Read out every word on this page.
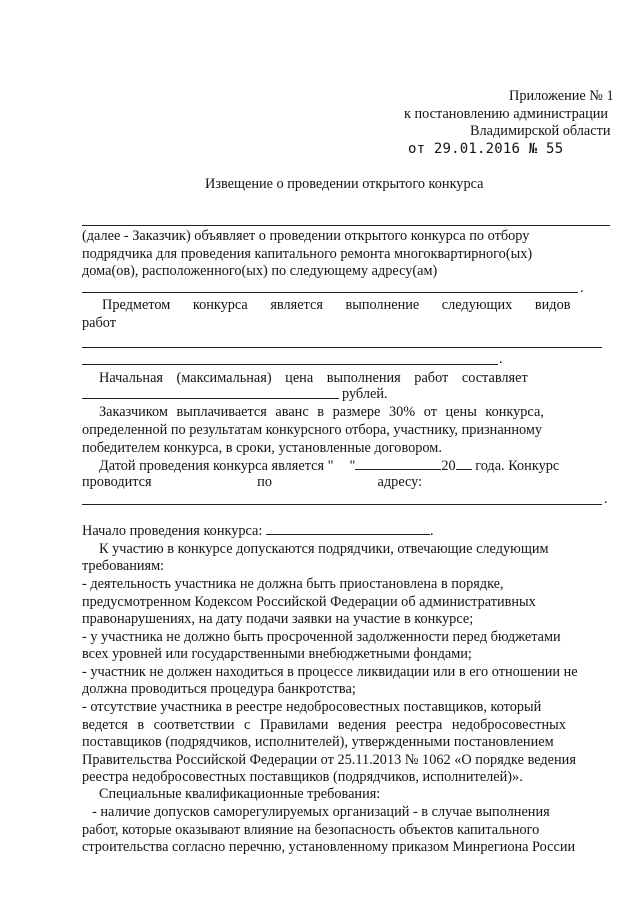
Приложение № 1
к постановлению администрации
Владимирской области
от 29.01.2016 № 55
Извещение о проведении открытого конкурса
(далее - Заказчик) объявляет о проведении открытого конкурса по отбору
подрядчика для проведения капитального ремонта многоквартирного(ых)
дома(ов), расположенного(ых) по следующему адресу(ам)
.
Предметом конкурса является выполнение следующих видов
работ
.
Начальная (максимальная) цена выполнения работ составляет
рублей.
Заказчиком выплачивается аванс в размере 30% от цены конкурса,
определенной по результатам конкурсного отбора, участнику, признанному
победителем конкурса, в сроки, установленные договором.
Датой проведения конкурса является " "	20 года. Конкурс
проводится по адресу:
.
Начало проведения конкурса:	.
К участию в конкурсе допускаются подрядчики, отвечающие следующим
требованиям:
- деятельность участника не должна быть приостановлена в порядке,
предусмотренном Кодексом Российской Федерации об административных
правонарушениях, на дату подачи заявки на участие в конкурсе;
- у участника не должно быть просроченной задолженности перед бюджетами
всех уровней или государственными внебюджетными фондами;
- участник не должен находиться в процессе ликвидации или в его отношении не
должна проводиться процедура банкротства;
- отсутствие участника в реестре недобросовестных поставщиков, который
ведется в соответствии с Правилами ведения реестра недобросовестных
поставщиков (подрядчиков, исполнителей), утвержденными постановлением
Правительства Российской Федерации от 25.11.2013 № 1062 «О порядке ведения
реестра недобросовестных поставщиков (подрядчиков, исполнителей)».
Специальные квалификационные требования:
- наличие допусков саморегулируемых организаций - в случае выполнения
работ, которые оказывают влияние на безопасность объектов капитального
строительства согласно перечню, установленному приказом Минрегиона России
